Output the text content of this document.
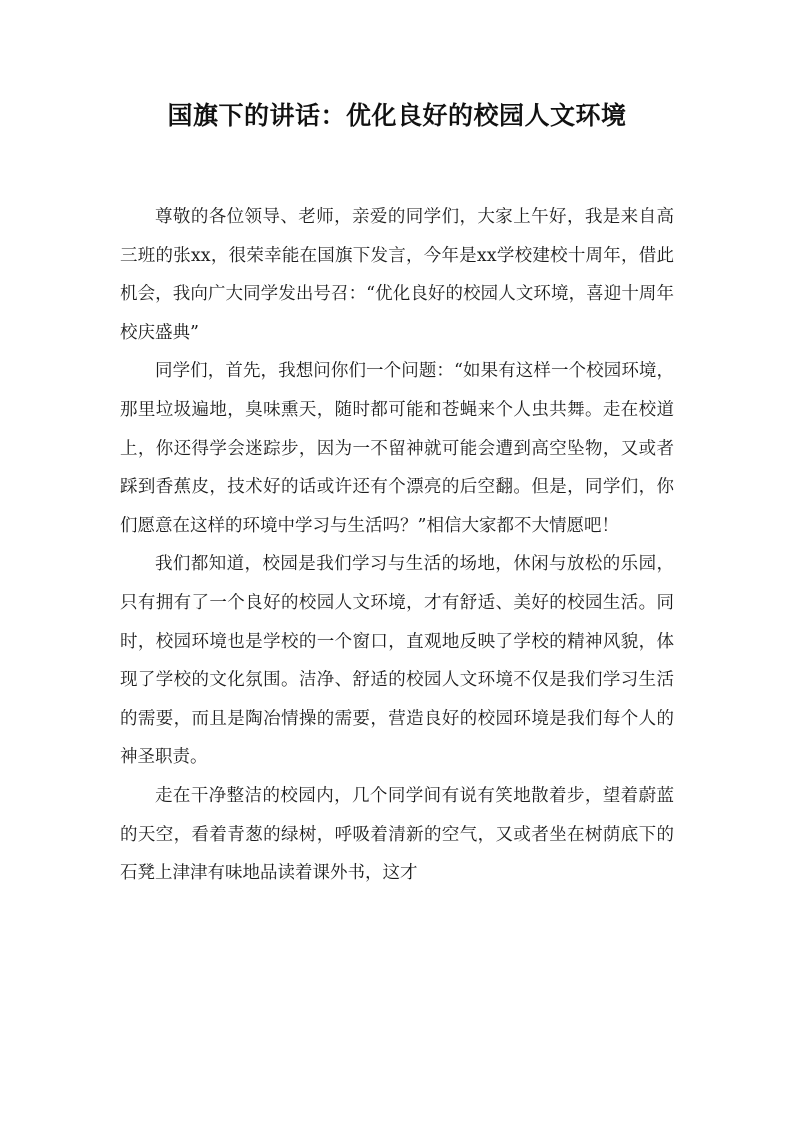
国旗下的讲话：优化良好的校园人文环境

尊敬的各位领导、老师，亲爱的同学们，大家上午好，我是来自高三班的张xx，很荣幸能在国旗下发言，今年是xx学校建校十周年，借此机会，我向广大同学发出号召：“优化良好的校园人文环境，喜迎十周年校庆盛典”

同学们，首先，我想问你们一个问题：“如果有这样一个校园环境，那里垃圾遍地，臭味熏天，随时都可能和苍蝇来个人虫共舞。走在校道上，你还得学会迷踪步，因为一不留神就可能会遭到高空坠物，又或者踩到香蕉皮，技术好的话或许还有个漂亮的后空翻。但是，同学们，你们愿意在这样的环境中学习与生活吗？”相信大家都不大情愿吧！

我们都知道，校园是我们学习与生活的场地，休闲与放松的乐园，只有拥有了一个良好的校园人文环境，才有舒适、美好的校园生活。同时，校园环境也是学校的一个窗口，直观地反映了学校的精神风貌，体现了学校的文化氛围。洁净、舒适的校园人文环境不仅是我们学习生活的需要，而且是陶冶情操的需要，营造良好的校园环境是我们每个人的神圣职责。

走在干净整洁的校园内，几个同学间有说有笑地散着步，望着蔚蓝的天空，看着青葱的绿树，呼吸着清新的空气，又或者坐在树荫底下的石凳上津津有味地品读着课外书，这才
